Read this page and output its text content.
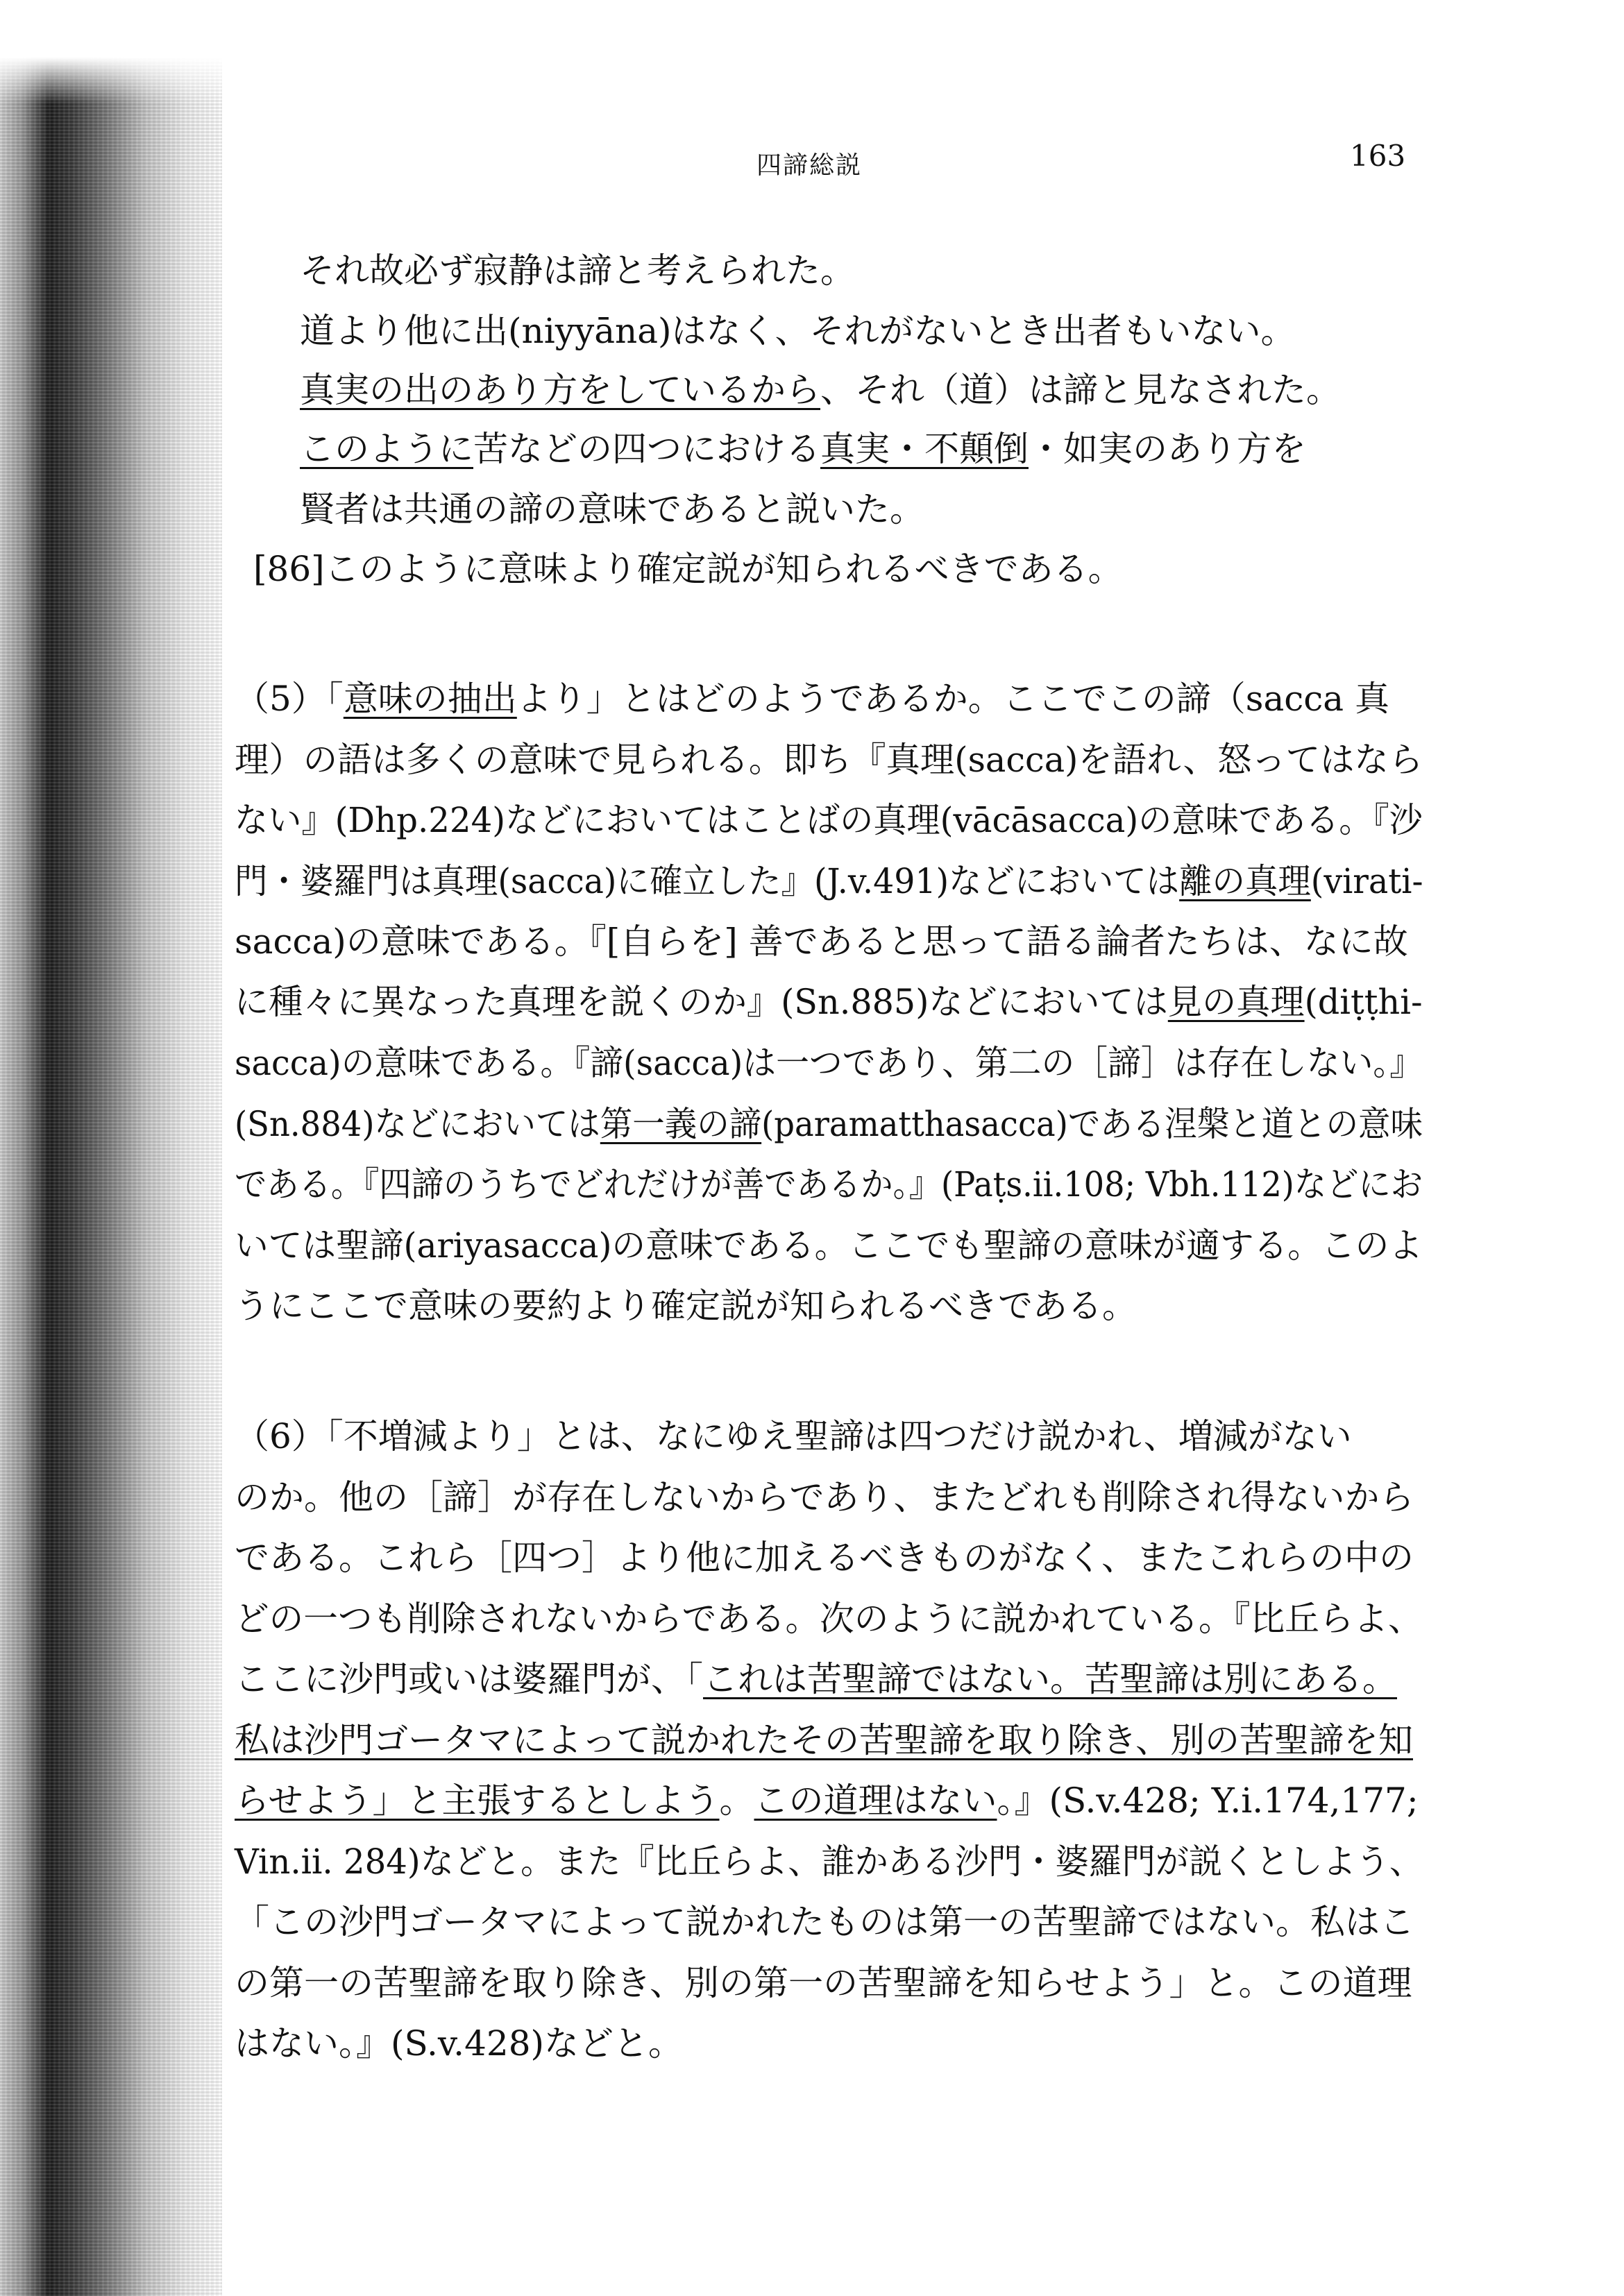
四諦総説	163
それ故必ず寂静は諦と考えられた。
道より他に出(niyyāna)はなく、それがないとき出者もいない。
真実の出のあり方をしているから、それ（道）は諦と見なされた。
このように苦などの四つにおける真実・不顛倒・如実のあり方を
賢者は共通の諦の意味であると説いた。
[86]このように意味より確定説が知られるべきである。
（5）「意味の抽出より」とはどのようであるか。ここでこの諦（sacca 真
理）の語は多くの意味で見られる。即ち『真理(sacca)を語れ、怒ってはなら
ない』(Dhp.224)などにおいてはことばの真理(vācāsacca)の意味である。『沙
門・婆羅門は真理(sacca)に確立した』(J.v.491)などにおいては離の真理(virati-
sacca)の意味である。『[自らを] 善であると思って語る論者たちは、なに故
に種々に異なった真理を説くのか』(Sn.885)などにおいては見の真理(diṭṭhi-
sacca)の意味である。『諦(sacca)は一つであり、第二の［諦］は存在しない。』
(Sn.884)などにおいては第一義の諦(paramatthasacca)である涅槃と道との意味
である。『四諦のうちでどれだけが善であるか。』(Paṭs.ii.108; Vbh.112)などにお
いては聖諦(ariyasacca)の意味である。ここでも聖諦の意味が適する。このよ
うにここで意味の要約より確定説が知られるべきである。
（6）「不増減より」とは、なにゆえ聖諦は四つだけ説かれ、増減がない
のか。他の［諦］が存在しないからであり、またどれも削除され得ないから
である。これら［四つ］より他に加えるべきものがなく、またこれらの中の
どの一つも削除されないからである。次のように説かれている。『比丘らよ、
ここに沙門或いは婆羅門が、「これは苦聖諦ではない。苦聖諦は別にある。
私は沙門ゴータマによって説かれたその苦聖諦を取り除き、別の苦聖諦を知
らせよう」と主張するとしよう。この道理はない。』(S.v.428; Y.i.174,177;
Vin.ii. 284)などと。また『比丘らよ、誰かある沙門・婆羅門が説くとしよう、
「この沙門ゴータマによって説かれたものは第一の苦聖諦ではない。私はこ
の第一の苦聖諦を取り除き、別の第一の苦聖諦を知らせよう」と。この道理
はない。』(S.v.428)などと。
